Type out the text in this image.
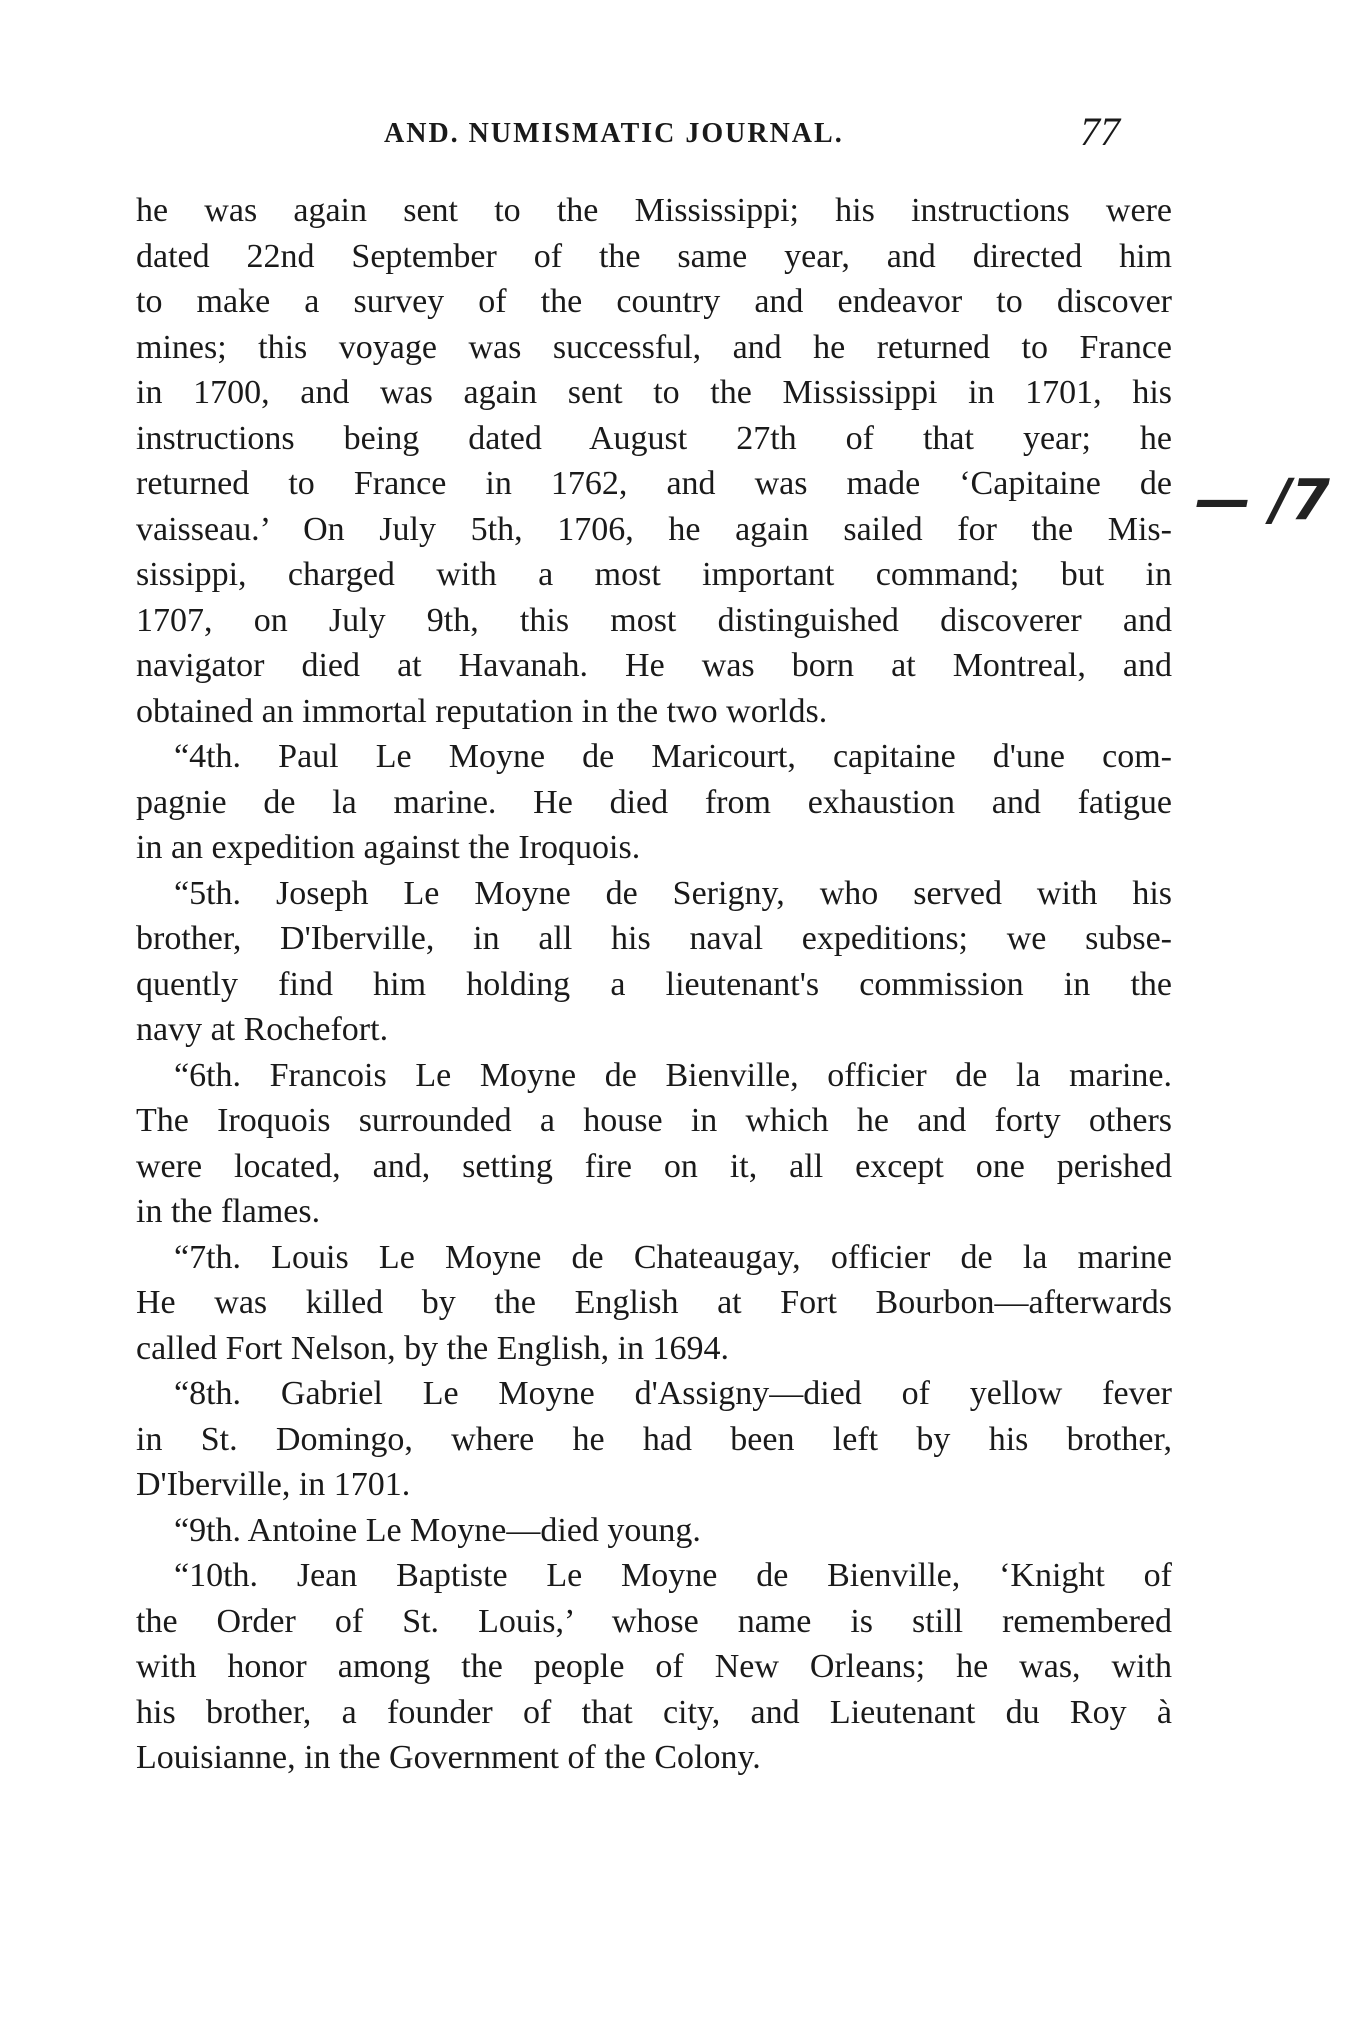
AND. NUMISMATIC JOURNAL.	77
— /7
he was again sent to the Mississippi; his instructions were
dated 22nd September of the same year, and directed him
to make a survey of the country and endeavor to discover
mines; this voyage was successful, and he returned to France
in 1700, and was again sent to the Mississippi in 1701, his
instructions being dated August 27th of that year; he
returned to France in 1762, and was made ‘Capitaine de
vaisseau.’ On July 5th, 1706, he again sailed for the Mis-
sissippi, charged with a most important command; but in
1707, on July 9th, this most distinguished discoverer and
navigator died at Havanah. He was born at Montreal, and
obtained an immortal reputation in the two worlds.
“4th. Paul Le Moyne de Maricourt, capitaine d'une com-
pagnie de la marine. He died from exhaustion and fatigue
in an expedition against the Iroquois.
“5th. Joseph Le Moyne de Serigny, who served with his
brother, D'Iberville, in all his naval expeditions; we subse-
quently find him holding a lieutenant's commission in the
navy at Rochefort.
“6th. Francois Le Moyne de Bienville, officier de la marine.
The Iroquois surrounded a house in which he and forty others
were located, and, setting fire on it, all except one perished
in the flames.
“7th. Louis Le Moyne de Chateaugay, officier de la marine
He was killed by the English at Fort Bourbon—afterwards
called Fort Nelson, by the English, in 1694.
“8th. Gabriel Le Moyne d'Assigny—died of yellow fever
in St. Domingo, where he had been left by his brother,
D'Iberville, in 1701.
“9th. Antoine Le Moyne—died young.
“10th. Jean Baptiste Le Moyne de Bienville, ‘Knight of
the Order of St. Louis,’ whose name is still remembered
with honor among the people of New Orleans; he was, with
his brother, a founder of that city, and Lieutenant du Roy à
Louisianne, in the Government of the Colony.
